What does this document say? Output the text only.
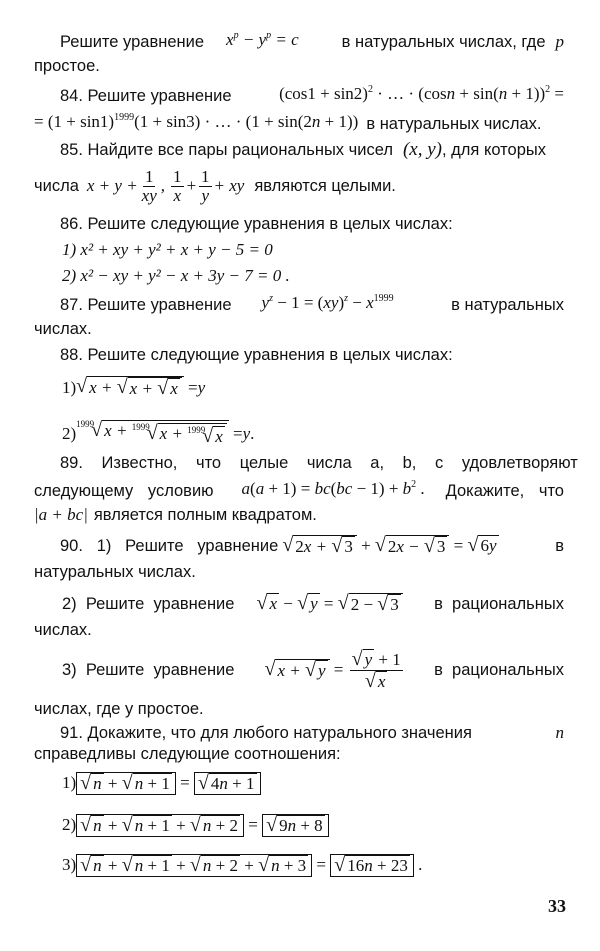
Решите уравнение $x^p - y^p = c$	в натуральных числах, где p
простое.
84. Решите уравнение	$(\cos 1 + \sin 2)^2$ · … · $(\cos n + \sin(n + 1))^2$ =
= $(1 + \sin 1)^{1999}(1 + \sin 3)$ · … · (1 + sin(2n + 1)) в натуральных числах.
85. Найдите все пары рациональных чисел (x, y) , для которых
числа $x + y + \frac{1}{xy}$ , $\frac{1}{x} + \frac{1}{y}$ + xy являются целыми.
86. Решите следующие уравнения в целых числах:
1) x² + xy + y² + x + y − 5 = 0
2) x² − xy + y² − x + 3y − 7 = 0 .
87. Решите уравнение $y^z - 1 = (xy)^z - x^{1999}$	в натуральных
числах.
88. Решите следующие уравнения в целых числах:
1) √ x + √ x + √ x = y
2) 1999
√ x + 1999
√ x + 1999
√ x = y .
89. Известно, что целые числа a, b, c удовлетворяют
следующему условию $a(a + 1) = bc(bc - 1) + b^2$ . Докажите, что
|a + bc| является полным квадратом.
90.   1)   Решите   уравнение √ 2x + √ 3 + √ 2x − √ 3 = √ 6y	в
натуральных числах.
2)  Решите  уравнение √ x − √ y = √ 2 − √ 3 в  рациональных
числах.
3)  Решите  уравнение √ x + √ $y = \frac{√ y + 1}{√ x}$ в  рациональных
числах, где y простое.
91. Докажите, что для любого натурального значения	n
справедливы следующие соотношения:
1) √ n + √ n + 1 = √ 4n + 1
2) √ n + √ n + 1 + √ n + 2 = √ 9n + 8
3) √ n + √ n + 1 + √ n + 2 + √ n + 3 = √ 16n + 23 .
33
